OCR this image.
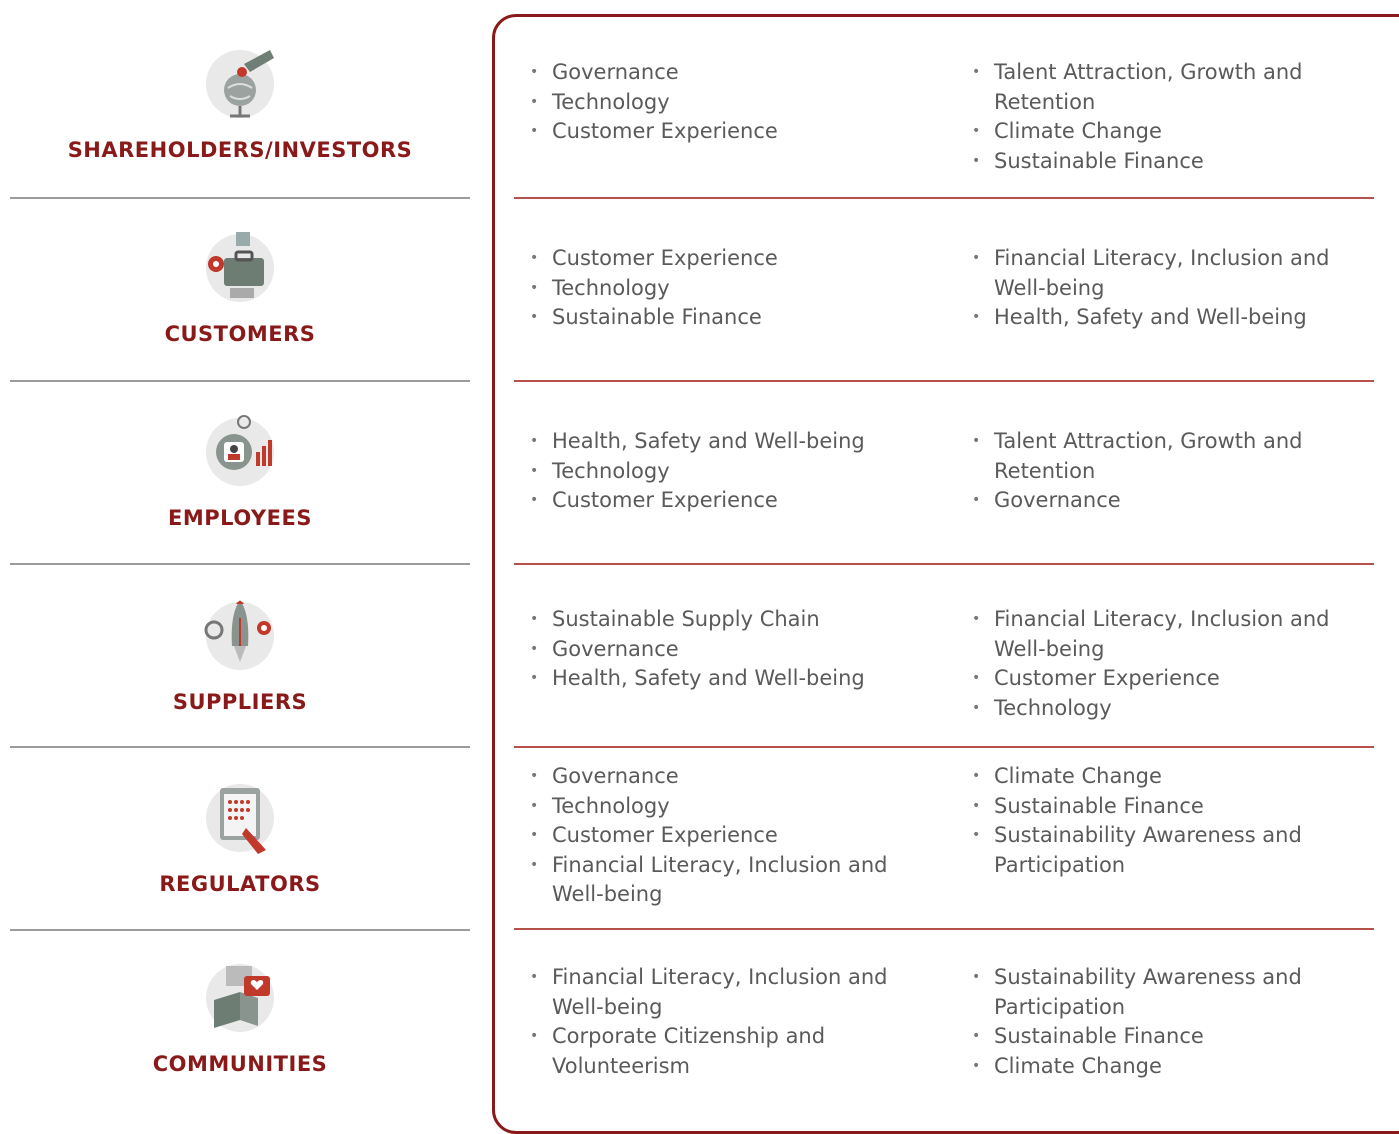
SHAREHOLDERS/INVESTORS
CUSTOMERS
EMPLOYEES
SUPPLIERS
REGULATORS
COMMUNITIES
• Governance
• Technology
• Customer Experience
• Talent Attraction, Growth and Retention
• Climate Change
• Sustainable Finance
• Customer Experience
• Technology
• Sustainable Finance
• Financial Literacy, Inclusion and Well-being
• Health, Safety and Well-being
• Health, Safety and Well-being
• Technology
• Customer Experience
• Talent Attraction, Growth and Retention
• Governance
• Sustainable Supply Chain
• Governance
• Health, Safety and Well-being
• Financial Literacy, Inclusion and Well-being
• Customer Experience
• Technology
• Governance
• Technology
• Customer Experience
• Financial Literacy, Inclusion and Well-being
• Climate Change
• Sustainable Finance
• Sustainability Awareness and Participation
• Financial Literacy, Inclusion and Well-being
• Corporate Citizenship and Volunteerism
• Sustainability Awareness and Participation
• Sustainable Finance
• Climate Change
